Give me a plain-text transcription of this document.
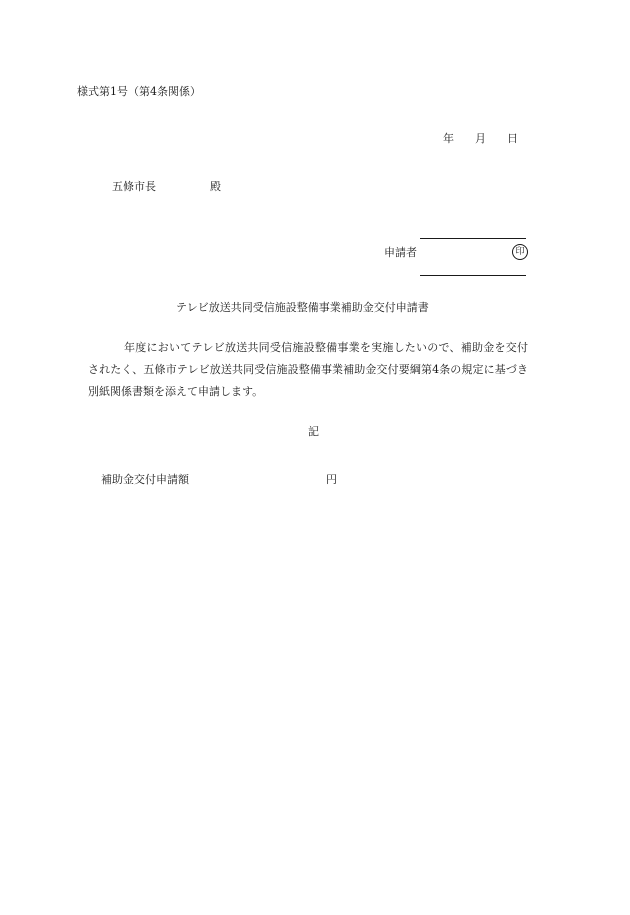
様式第1号（第4条関係）
年 月 日
五條市長	殿
申請者	印
テレビ放送共同受信施設整備事業補助金交付申請書
年度においてテレビ放送共同受信施設整備事業を実施したいので、補助金を交付されたく、五條市テレビ放送共同受信施設整備事業補助金交付要綱第4条の規定に基づき別紙関係書類を添えて申請します。
記
補助金交付申請額	円
